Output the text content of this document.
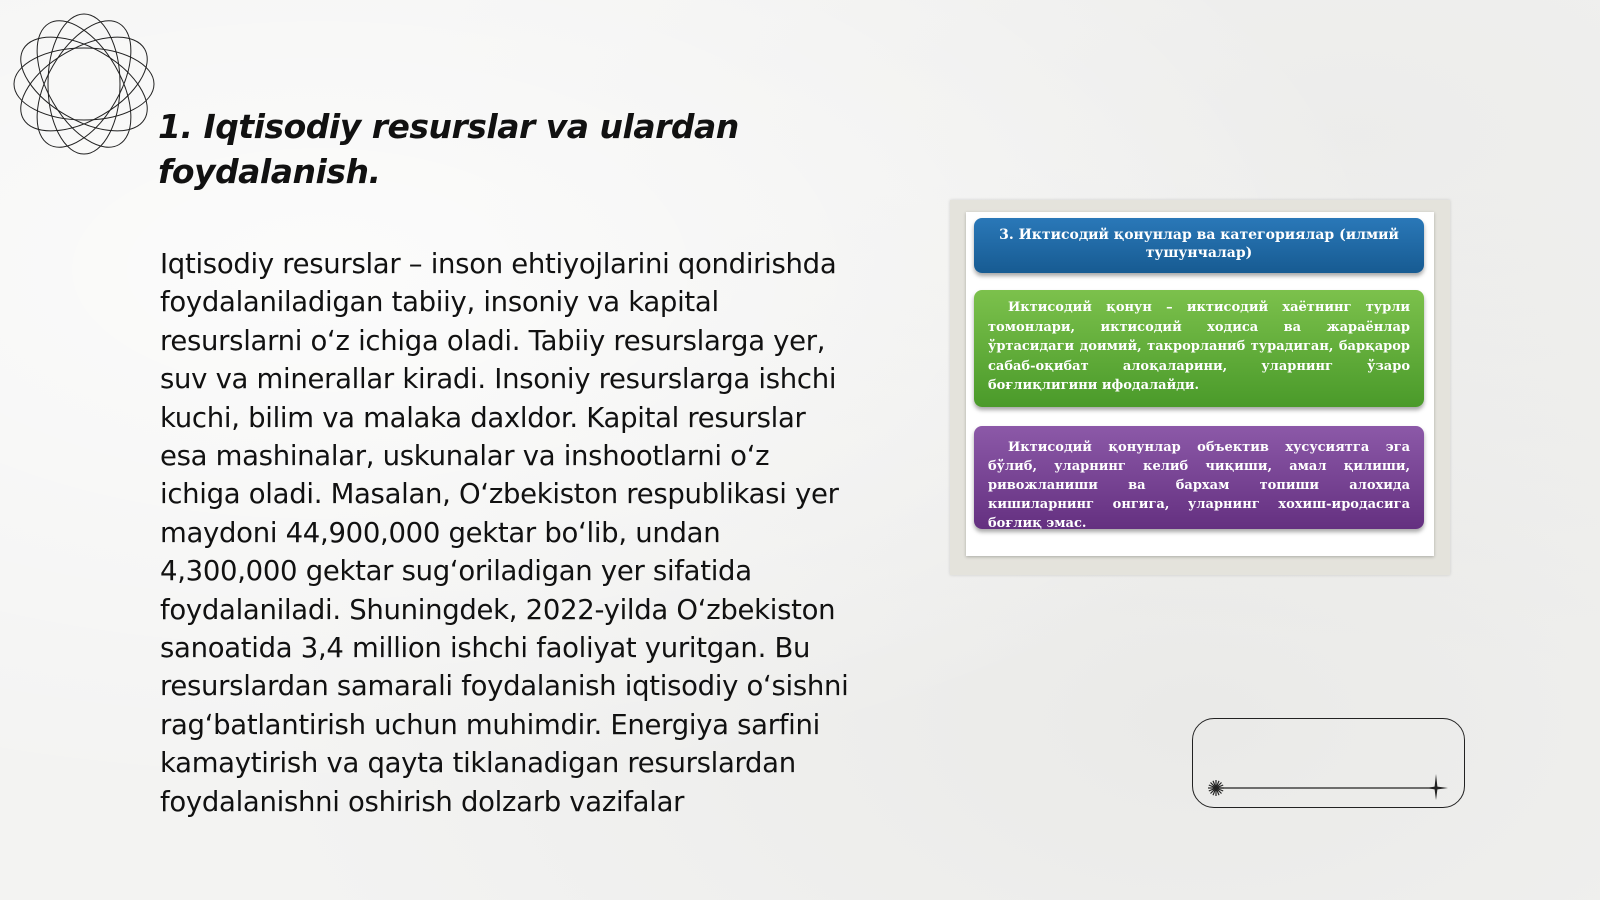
1. Iqtisodiy resurslar va ulardan foydalanish.

Iqtisodiy resurslar – inson ehtiyojlarini qondirishda foydalaniladigan tabiiy, insoniy va kapital resurslarni oʻz ichiga oladi. Tabiiy resurslarga yer, suv va minerallar kiradi. Insoniy resurslarga ishchi kuchi, bilim va malaka daxldor. Kapital resurslar esa mashinalar, uskunalar va inshootlarni oʻz ichiga oladi. Masalan, Oʻzbekiston respublikasi yer maydoni 44,900,000 gektar boʻlib, undan 4,300,000 gektar sugʻoriladigan yer sifatida foydalaniladi. Shuningdek, 2022-yilda Oʻzbekiston sanoatida 3,4 million ishchi faoliyat yuritgan. Bu resurslardan samarali foydalanish iqtisodiy oʻsishni ragʻbatlantirish uchun muhimdir. Energiya sarfini kamaytirish va qayta tiklanadigan resurslardan foydalanishni oshirish dolzarb vazifalar

3. Иктисодий қонунлар ва категориялар (илмий тушунчалар)
Иктисодий қонун – иктисодий хаётнинг турли томонлари, иктисодий ходиса ва жараёнлар ўртасидаги доимий, такрорланиб турадиган, барқарор сабаб-оқибат алоқаларини, уларнинг ўзаро боғлиқлигини ифодалайди.
Иктисодий қонунлар объектив хусусиятга эга бўлиб, уларнинг келиб чиқиши, амал қилиши, ривожланиши ва бархам топиши алохида кишиларнинг онгига, уларнинг хохиш-иродасига боғлиқ эмас.
